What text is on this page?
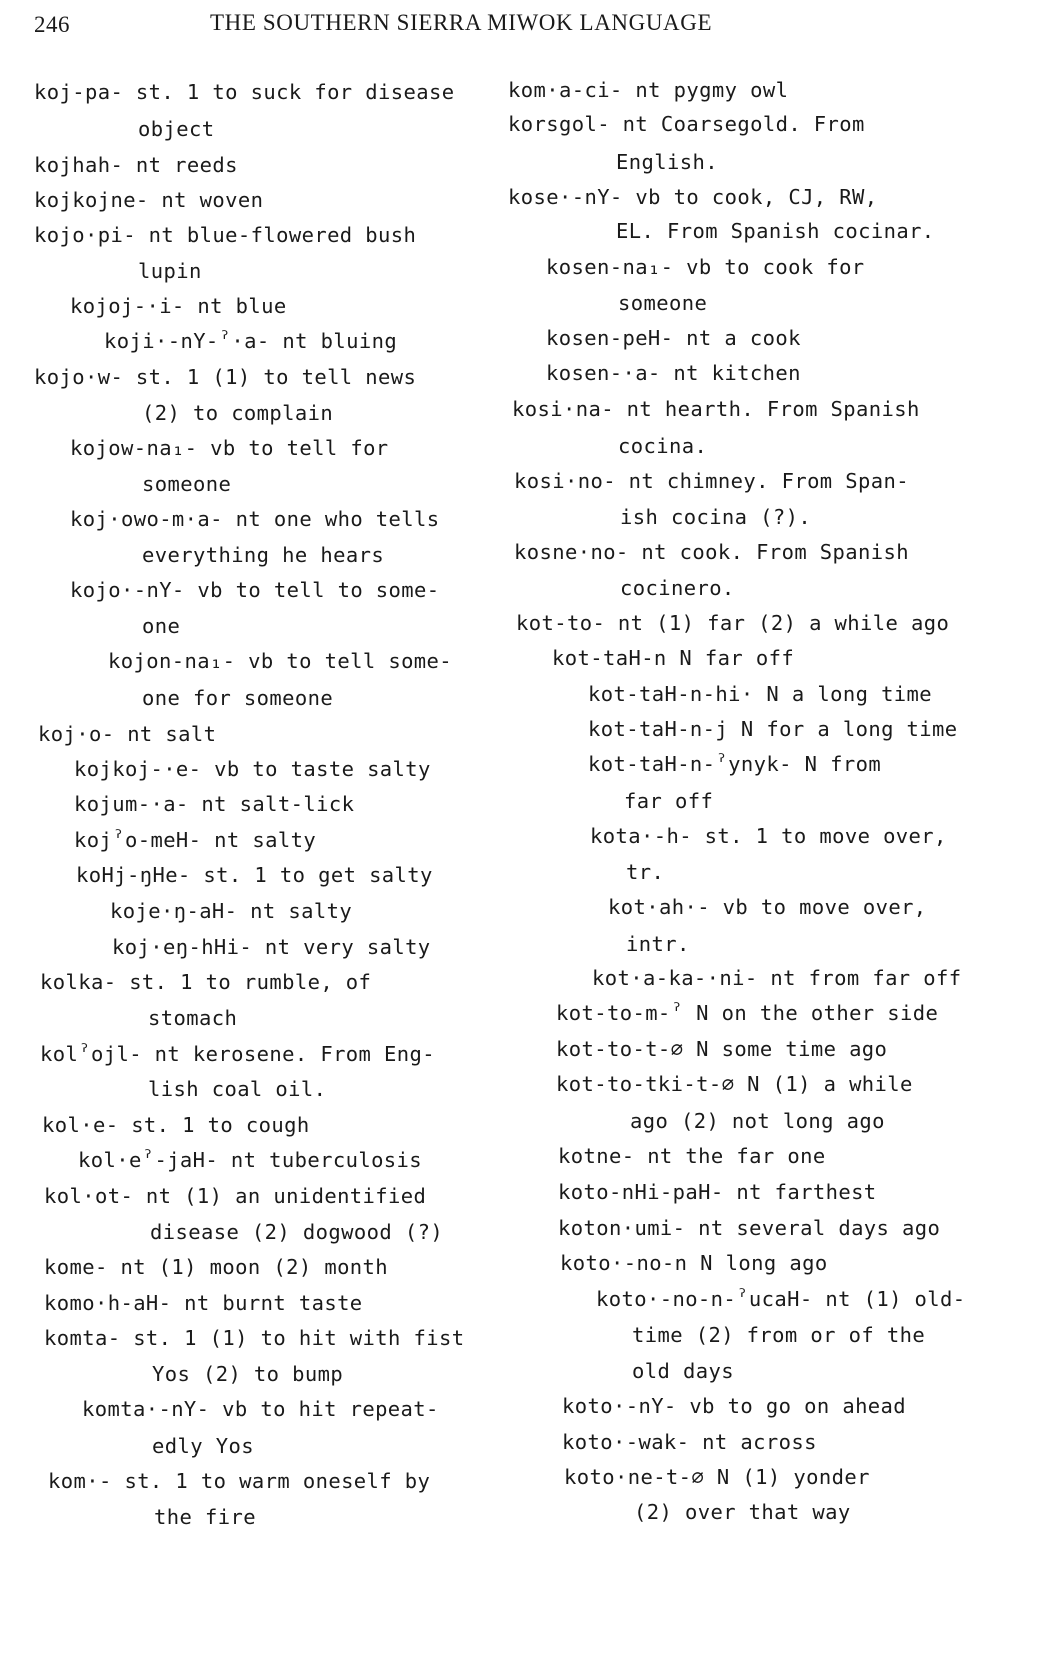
246	THE SOUTHERN SIERRA MIWOK LANGUAGE
koj-pa- st. 1 to suck for disease
object
kojhah- nt reeds
kojkojne- nt woven
kojo·pi- nt blue-flowered bush
lupin
kojoj-·i- nt blue
koji·-nY-ˀ·a- nt bluing
kojo·w- st. 1 (1) to tell news
(2) to complain
kojow-na₁- vb to tell for
someone
koj·owo-m·a- nt one who tells
everything he hears
kojo·-nY- vb to tell to some-
one
kojon-na₁- vb to tell some-
one for someone
koj·o- nt salt
kojkoj-·e- vb to taste salty
kojum-·a- nt salt-lick
kojˀo-meH- nt salty
koHj-ŋHe- st. 1 to get salty
koje·ŋ-aH- nt salty
koj·eŋ-hHi- nt very salty
kolka- st. 1 to rumble, of
stomach
kolˀojl- nt kerosene. From Eng-
lish coal oil.
kol·e- st. 1 to cough
kol·eˀ-jaH- nt tuberculosis
kol·ot- nt (1) an unidentified
disease (2) dogwood (?)
kome- nt (1) moon (2) month
komo·h-aH- nt burnt taste
komta- st. 1 (1) to hit with fist
Yos (2) to bump
komta·-nY- vb to hit repeat-
edly Yos
kom·- st. 1 to warm oneself by
the fire
kom·a-ci- nt pygmy owl
korsgol- nt Coarsegold. From
English.
kose·-nY- vb to cook, CJ, RW,
EL. From Spanish cocinar.
kosen-na₁- vb to cook for
someone
kosen-peH- nt a cook
kosen-·a- nt kitchen
kosi·na- nt hearth. From Spanish
cocina.
kosi·no- nt chimney. From Span-
ish cocina (?).
kosne·no- nt cook. From Spanish
cocinero.
kot-to- nt (1) far (2) a while ago
kot-taH-n N far off
kot-taH-n-hi· N a long time
kot-taH-n-j N for a long time
kot-taH-n-ˀynyk- N from
far off
kota·-h- st. 1 to move over,
tr.
kot·ah·- vb to move over,
intr.
kot·a-ka-·ni- nt from far off
kot-to-m-ˀ N on the other side
kot-to-t-∅ N some time ago
kot-to-tki-t-∅ N (1) a while
ago (2) not long ago
kotne- nt the far one
koto-nHi-paH- nt farthest
koton·umi- nt several days ago
koto·-no-n N long ago
koto·-no-n-ˀucaH- nt (1) old-
time (2) from or of the
old days
koto·-nY- vb to go on ahead
koto·-wak- nt across
koto·ne-t-∅ N (1) yonder
(2) over that way
